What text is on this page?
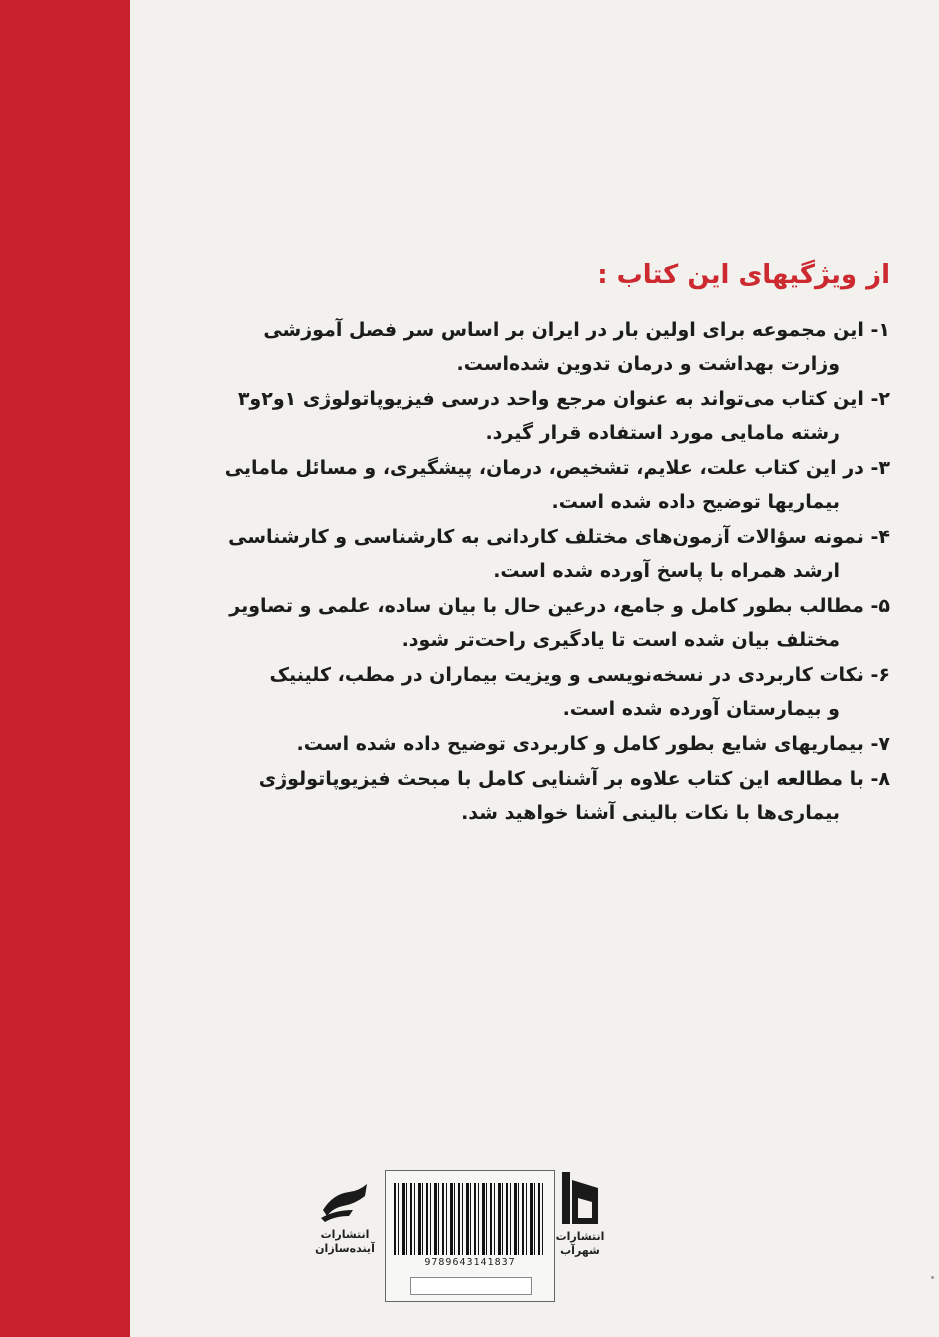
از ویژگیهای این کتاب :
۱- این مجموعه برای اولین بار در ایران بر اساس سر فصل آموزشی
وزارت بهداشت و درمان تدوین شده‌است.
۲- این کتاب می‌تواند به عنوان مرجع واحد درسی فیزیوپاتولوژی ۱و۲و۳
رشته مامایی مورد استفاده قرار گیرد.
۳- در این کتاب علت، علایم، تشخیص، درمان، پیشگیری، و مسائل مامایی
بیماریها توضیح داده شده است.
۴- نمونه سؤالات آزمون‌های مختلف کاردانی به کارشناسی و کارشناسی
ارشد همراه با پاسخ آورده شده است.
۵- مطالب بطور کامل و جامع، درعین حال با بیان ساده، علمی و تصاویر
مختلف بیان شده است تا یادگیری راحت‌تر شود.
۶- نکات کاربردی در نسخه‌نویسی و ویزیت بیماران در مطب، کلینیک
و بیمارستان آورده شده است.
۷- بیماریهای شایع بطور کامل و کاربردی توضیح داده شده است.
۸- با مطالعه این کتاب علاوه بر آشنایی کامل با مبحث فیزیوپاتولوژی
بیماری‌ها با نکات بالینی آشنا خواهید شد.
انتشارات
آینده‌سازان
9789643141837
انتشارات
شهرآب
